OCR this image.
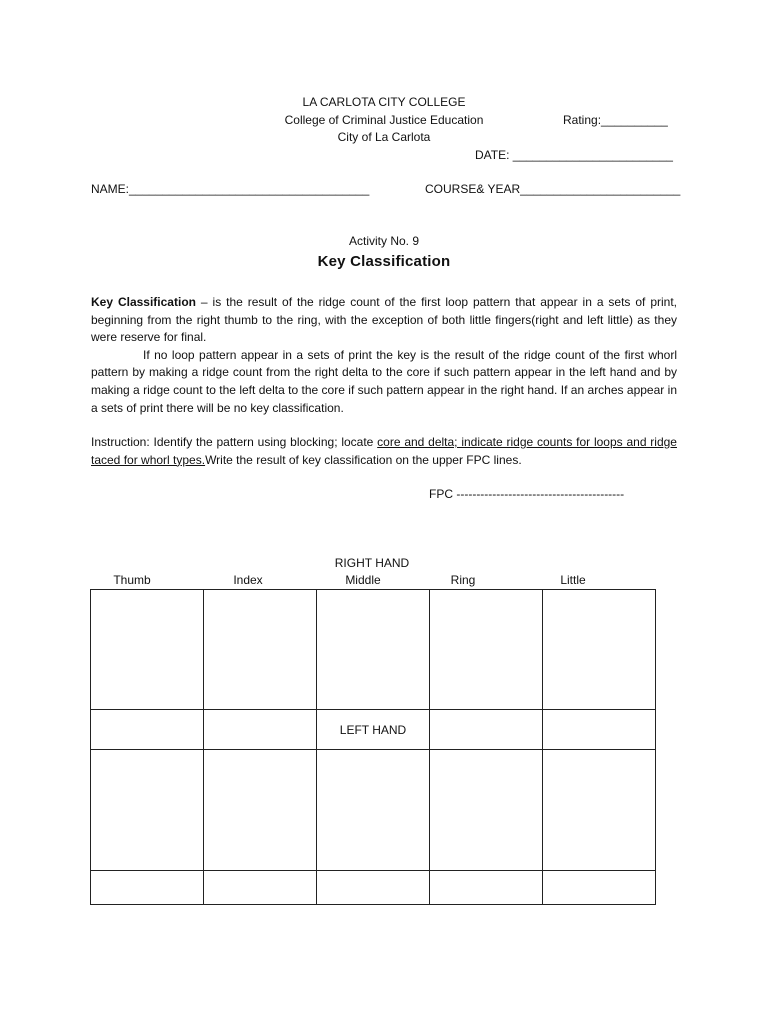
LA CARLOTA CITY COLLEGE
College of Criminal Justice Education
City of La Carlota
Rating:__________
DATE: ________________________
NAME:____________________________________	COURSE& YEAR________________________
Activity No. 9
Key Classification
Key Classification – is the result of the ridge count of the first loop pattern that appear in a sets of print, beginning from the right thumb to the ring, with the exception of both little fingers(right and left little) as they were reserve for final.
If no loop pattern appear in a sets of print the key is the result of the ridge count of the first whorl pattern by making a ridge count from the right delta to the core if such pattern appear in the left hand and by making a ridge count to the left delta to the core if such pattern appear in the right hand. If an arches appear in a sets of print there will be no key classification.
Instruction: Identify the pattern using blocking; locate core and delta; indicate ridge counts for loops and ridge taced for whorl types.Write the result of key classification on the upper FPC lines.
FPC ------------------------------------------
RIGHT HAND
Thumb	Index	Middle	Ring	Little

		LEFT HAND		
